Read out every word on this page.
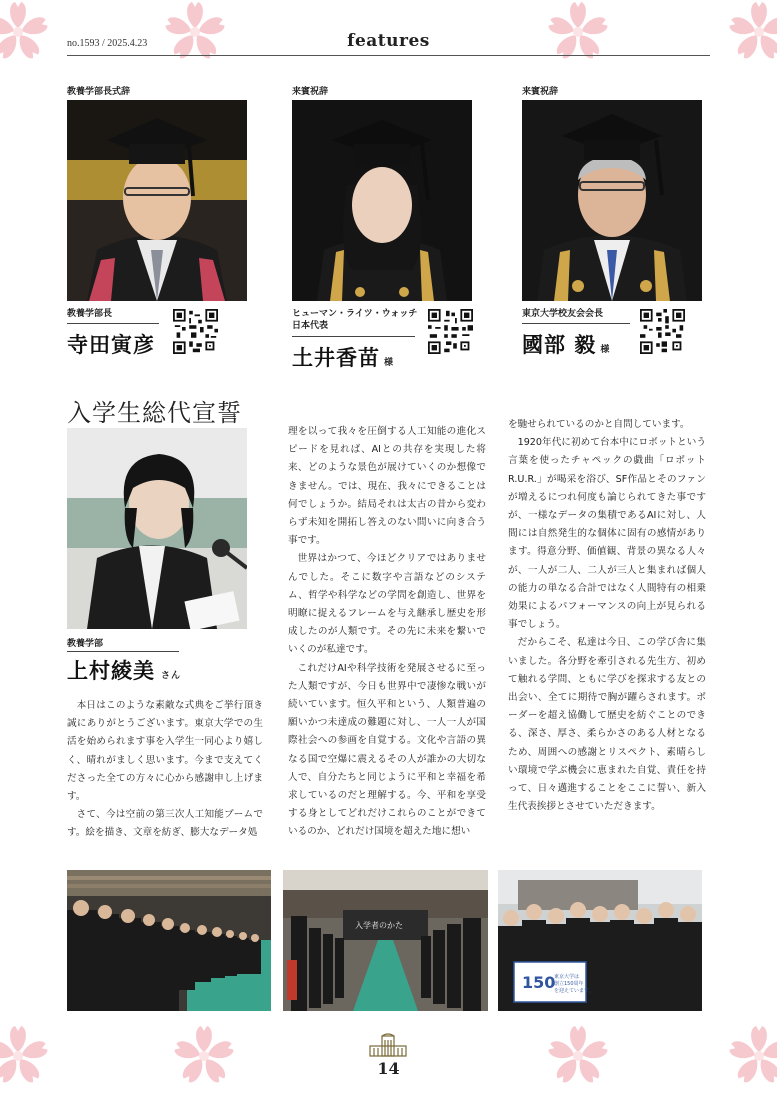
no.1593 / 2025.4.23	features
教養学部長式辞
教養学部長
寺田寅彦
来賓祝辞
ヒューマン・ライツ・ウォッチ
日本代表
土井香苗 様
来賓祝辞
東京大学校友会会長
國部 毅 様
入学生総代宣誓
教養学部
上村綾美 さん

本日はこのような素敵な式典をご挙行頂き誠にありがとうございます。東京大学での生活を始められます事を入学生一同心より嬉しく、晴れがましく思います。今まで支えてくださった全ての方々に心から感謝申し上げます。

さて、今は空前の第三次人工知能ブームです。絵を描き、文章を紡ぎ、膨大なデータ処

理を以って我々を圧倒する人工知能の進化スピードを見れば、AIとの共存を実現した将来、どのような景色が展けていくのか想像できません。では、現在、我々にできることは何でしょうか。結局それは太古の昔から変わらず未知を開拓し答えのない問いに向き合う事です。

世界はかつて、今ほどクリアではありませんでした。そこに数字や言語などのシステム、哲学や科学などの学問を創造し、世界を明瞭に捉えるフレームを与え継承し歴史を形成したのが人類です。その先に未来を繋いでいくのが私達です。

これだけAIや科学技術を発展させるに至った人類ですが、今日も世界中で凄惨な戦いが続いています。恒久平和という、人類普遍の願いかつ未達成の難題に対し、一人一人が国際社会への参画を自覚する。文化や言語の異なる国で空爆に震えるその人が誰かの大切な人で、自分たちと同じように平和と幸福を希求しているのだと理解する。今、平和を享受する身としてどれだけこれらのことができているのか、どれだけ国境を超えた地に想い

を馳せられているのかと自問しています。

1920年代に初めて台本中にロボットという言葉を使ったチャペックの戯曲「ロボットR.U.R.」が喝采を浴び、SF作品とそのファンが増えるにつれ何度も論じられてきた事ですが、一様なデータの集積であるAIに対し、人間には自然発生的な個体に固有の感情があります。得意分野、価値観、背景の異なる人々が、一人が二人、二人が三人と集まれば個人の能力の単なる合計ではなく人間特有の相乗効果によるパフォーマンスの向上が見られる事でしょう。

だからこそ、私達は今日、この学び舎に集いました。各分野を牽引される先生方、初めて触れる学問、ともに学びを探求する友との出会い、全てに期待で胸が躍らされます。ボーダーを超え協働して歴史を紡ぐことのできる、深さ、厚さ、柔らかさのある人材となるため、周囲への感謝とリスペクト、素晴らしい環境で学ぶ機会に恵まれた自覚、責任を持って、日々邁進することをここに誓い、新入生代表挨拶とさせていただきます。

入学者のかた
150
東京大学は 創立150周年 を迎えています。
14
